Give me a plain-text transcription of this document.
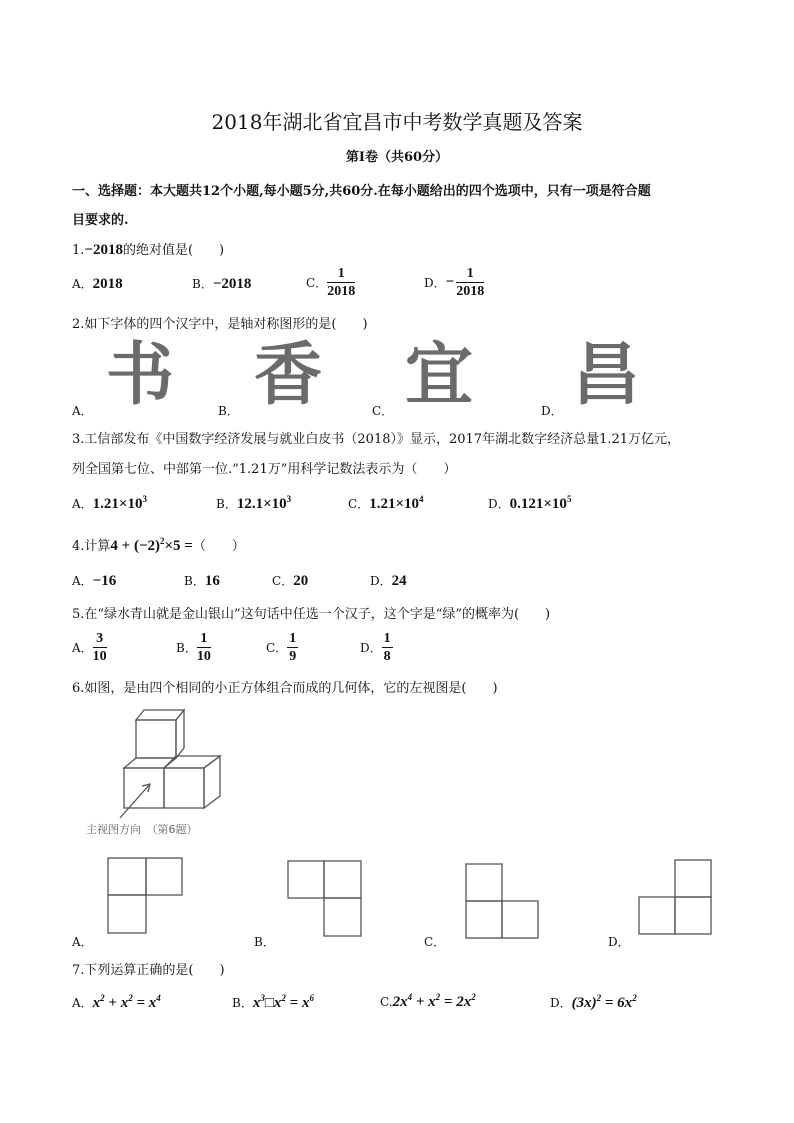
2018年湖北省宜昌市中考数学真题及答案
第Ⅰ卷（共60分）
一、选择题：本大题共12个小题,每小题5分,共60分.在每小题给出的四个选项中，只有一项是符合题
目要求的.
1.−2018的绝对值是(　　)
A．2018	B．−2018	C． $\frac{1}{2018}$	D．− $\frac{1}{2018}$
2.如下字体的四个汉字中，是轴对称图形的是(　　)
书 香 宜 昌
A．	B．	C．	D．
3.工信部发布《中国数字经济发展与就业白皮书（2018）》显示，2017年湖北数字经济总量1.21万亿元，
列全国第七位、中部第一位.“1.21万”用科学记数法表示为（　　）
A．$1.21\times 10^3$	B．$12.1\times 10^3$	C．$1.21\times 10^4$	D．$0.121\times 10^5$
4.计算$4 + (-2)^2\times 5$ =（　　）
A．−16	B．16	C．20	D．24
5.在“绿水青山就是金山银山”这句话中任选一个汉子，这个字是“绿”的概率为(　　)
A． $\frac{3}{10}$	B． $\frac{1}{10}$	C． $\frac{1}{9}$	D． $\frac{1}{8}$
6.如图，是由四个相同的小正方体组合而成的几何体，它的左视图是(　　)
主视图方向　（第6题）
A．	B．	C．	D．
7.下列运算正确的是(　　)
A．$x^2 + x^2 = x^4$	B．$x^3□x^2 = x^6$	$C.2x^4 + x^2 = 2x^2$	D．$(3x)^2 = 6x^2$
